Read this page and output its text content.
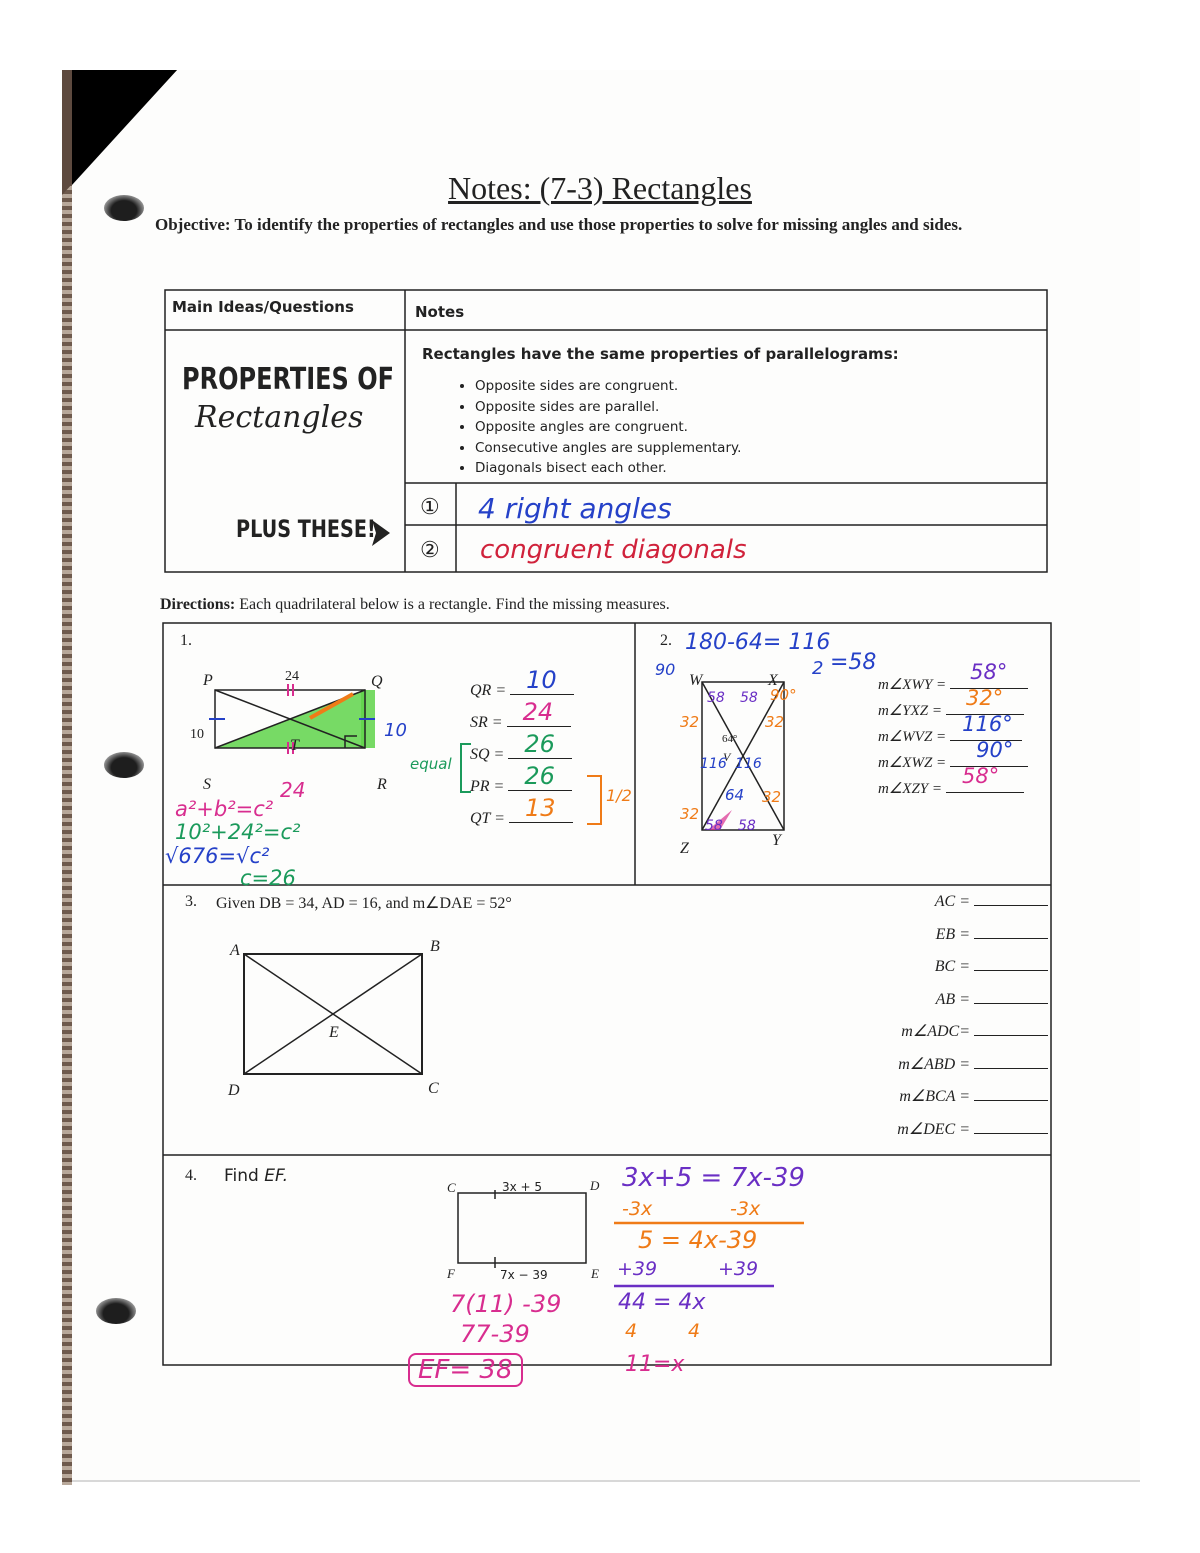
Notes: (7-3) Rectangles
Objective: To identify the properties of rectangles and use those properties to solve for missing angles and sides.
Main Ideas/Questions	Notes
PROPERTIES OF
Rectangles
PLUS THESE!
Rectangles have the same properties of parallelograms:
• Opposite sides are congruent.
• Opposite sides are parallel.
• Opposite angles are congruent.
• Consecutive angles are supplementary.
• Diagonals bisect each other.
① 4 right angles
② congruent diagonals
Directions: Each quadrilateral below is a rectangle. Find the missing measures.
1.
P	Q
S	R
T
24
10	10
24
QR = 10
SR = 24
SQ = 26
PR = 26
QT = 13
equal
1/2
a²+b²=c²
10²+24²=c²
√676=√c²
c=26
2. 180-64= 116
2 =58
W	X
Y
Z
V
90
90°
58 58
32	32
64°
116 116
64
32
32
58 58
m∠XWY =
58°
m∠YXZ =
32°
m∠WVZ =
116°
m∠XWZ =
90°
m∠XZY =
58°
3. Given DB = 34, AD = 16, and m∠DAE = 52°
A	B
D	C
E
AC =
EB =
BC =
AB =
m∠ADC=
m∠ABD =
m∠BCA =
m∠DEC =
4. Find EF.
C	D
E
F
3x + 5
7x − 39
3x+5 = 7x-39
-3x	-3x
5 = 4x-39
+39	+39
44 = 4x
4	4
11=x
7(11) -39
77-39
EF= 38
